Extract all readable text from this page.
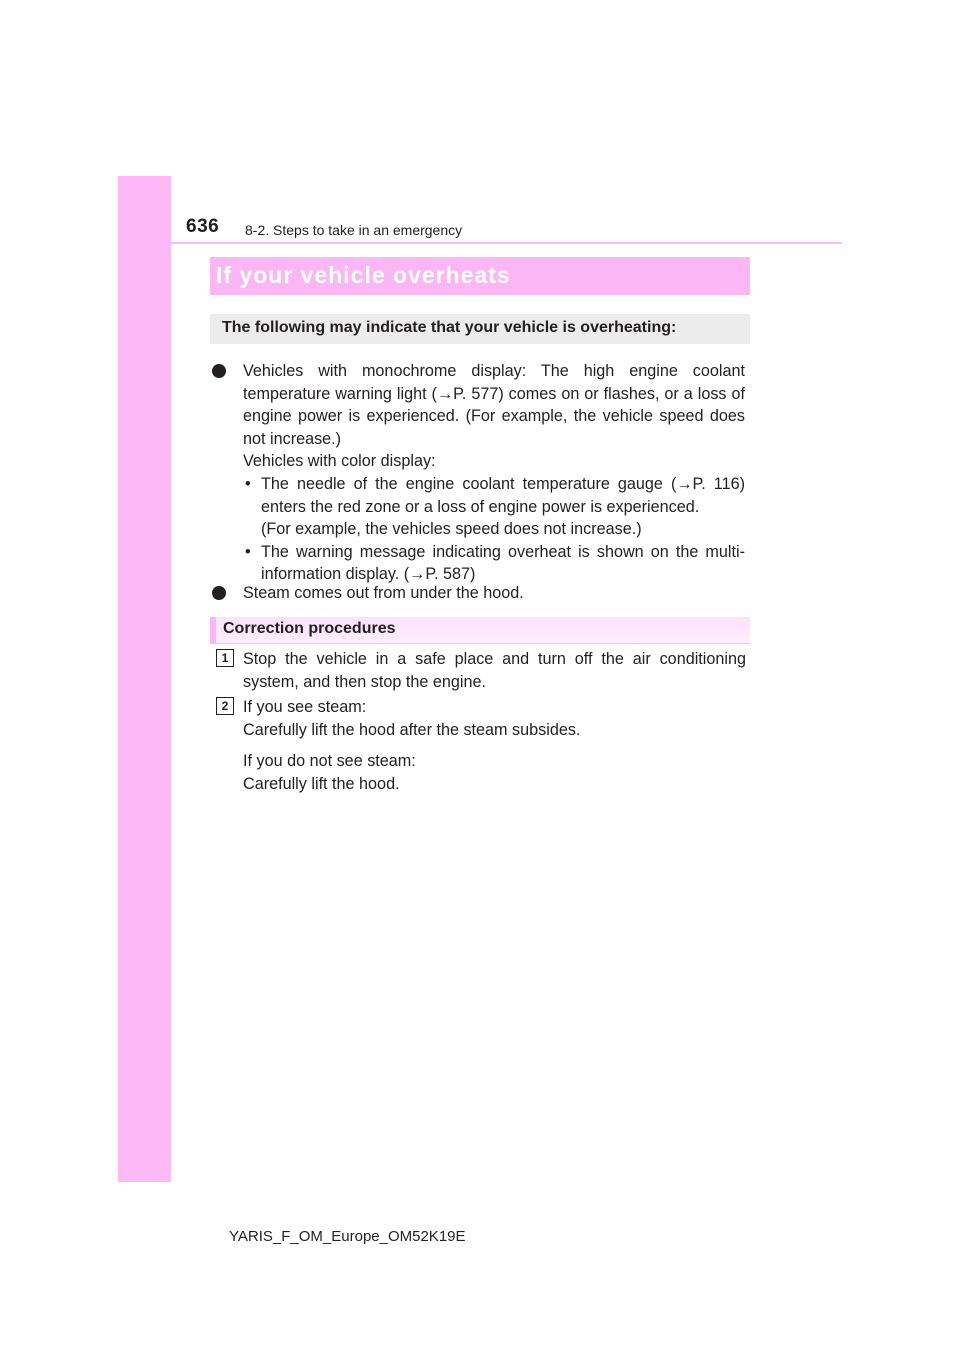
636 8-2. Steps to take in an emergency
If your vehicle overheats
The following may indicate that your vehicle is overheating:
Vehicles with monochrome display: The high engine coolant temperature warning light (→P. 577) comes on or flashes, or a loss of engine power is experienced. (For example, the vehicle speed does not increase.)
Vehicles with color display:
• The needle of the engine coolant temperature gauge (→P. 116) enters the red zone or a loss of engine power is experienced.
(For example, the vehicles speed does not increase.)
• The warning message indicating overheat is shown on the multi-information display. (→P. 587)
Steam comes out from under the hood.
Correction procedures
1 Stop the vehicle in a safe place and turn off the air conditioning system, and then stop the engine.
2 If you see steam:
Carefully lift the hood after the steam subsides.
If you do not see steam:
Carefully lift the hood.
YARIS_F_OM_Europe_OM52K19E
